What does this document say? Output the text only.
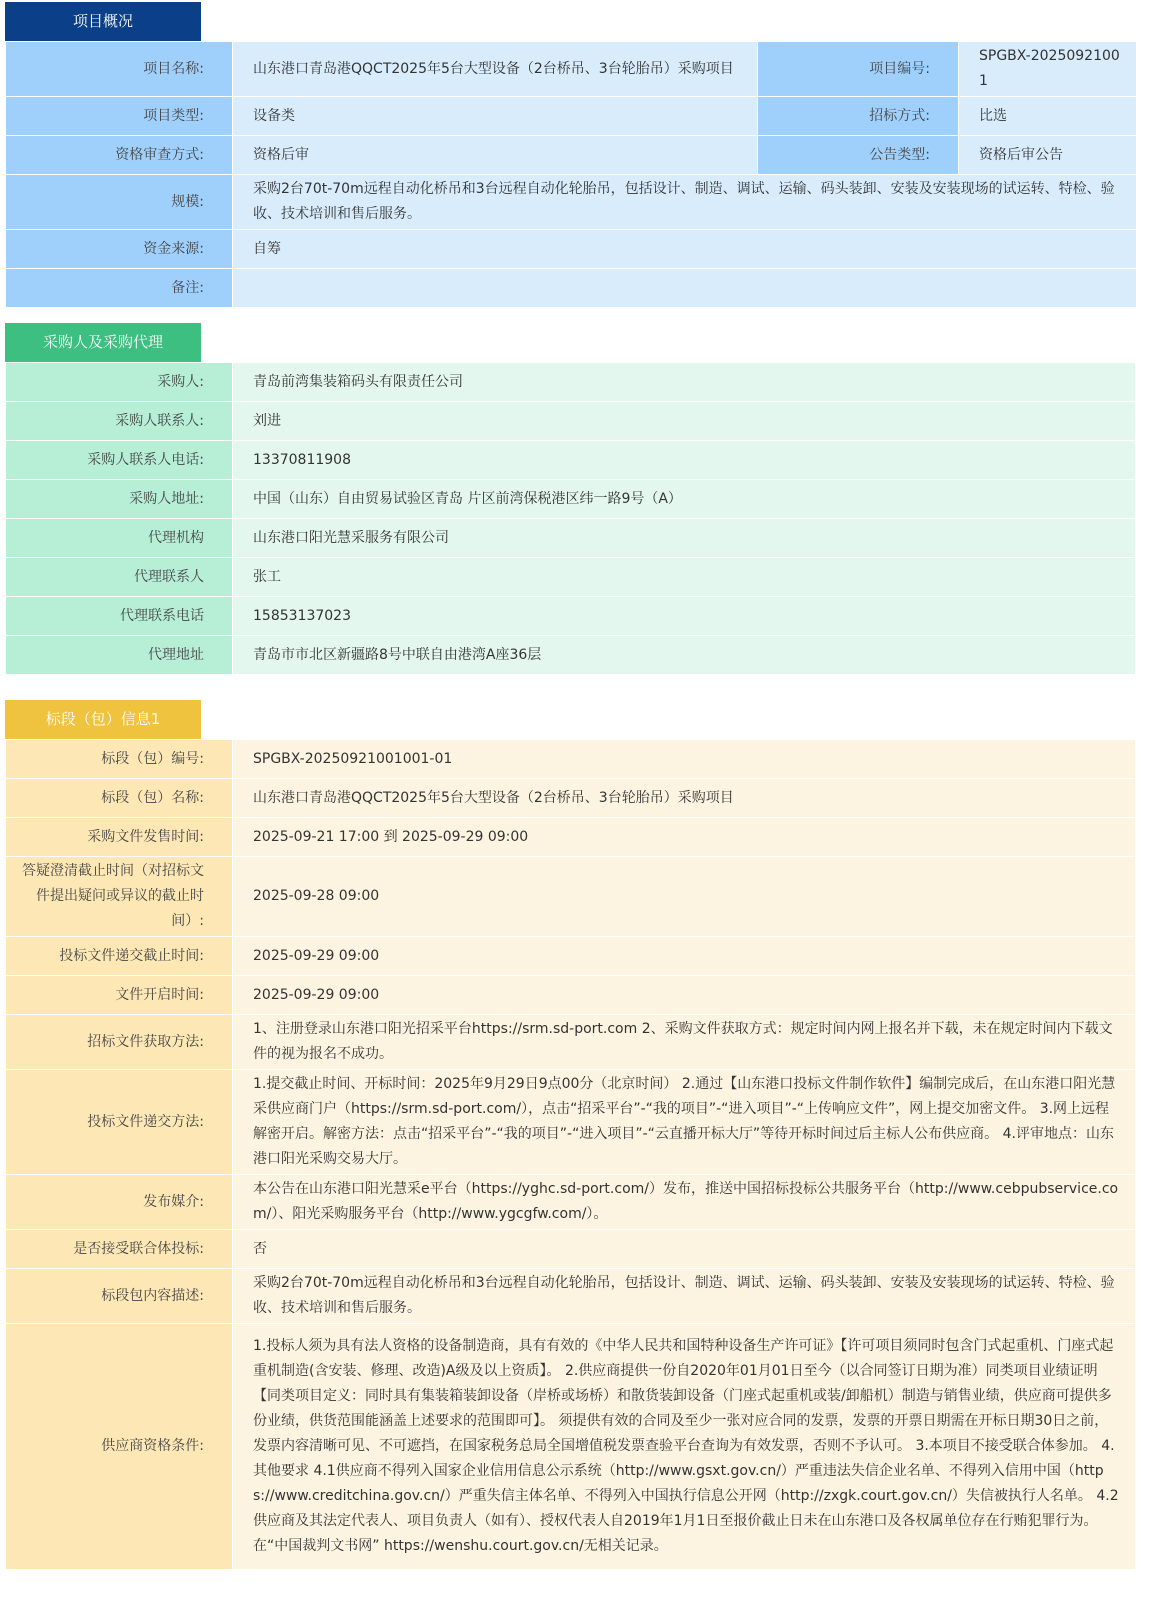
项目概况
项目名称:	山东港口青岛港QQCT2025年5台大型设备（2台桥吊、3台轮胎吊）采购项目	项目编号:	SPGBX-20250921001
项目类型:	设备类	招标方式:	比选
资格审查方式:	资格后审	公告类型:	资格后审公告
规模:	采购2台70t-70m远程自动化桥吊和3台远程自动化轮胎吊，包括设计、制造、调试、运输、码头装卸、安装及安装现场的试运转、特检、验收、技术培训和售后服务。		
资金来源:	自筹		
备注:			
采购人及采购代理
采购人:	青岛前湾集装箱码头有限责任公司
采购人联系人:	刘进
采购人联系人电话:	13370811908
采购人地址:	中国（山东）自由贸易试验区青岛 片区前湾保税港区纬一路9号（A）
代理机构	山东港口阳光慧采服务有限公司
代理联系人	张工
代理联系电话	15853137023
代理地址	青岛市市北区新疆路8号中联自由港湾A座36层
标段（包）信息1
标段（包）编号:	SPGBX-20250921001001-01
标段（包）名称:	山东港口青岛港QQCT2025年5台大型设备（2台桥吊、3台轮胎吊）采购项目
采购文件发售时间:	2025-09-21 17:00 到 2025-09-29 09:00
答疑澄清截止时间（对招标文件提出疑问或异议的截止时间）:	2025-09-28 09:00
投标文件递交截止时间:	2025-09-29 09:00
文件开启时间:	2025-09-29 09:00
招标文件获取方法:	1、注册登录山东港口阳光招采平台https://srm.sd-port.com 2、采购文件获取方式：规定时间内网上报名并下载，未在规定时间内下载文件的视为报名不成功。
投标文件递交方法:	1.提交截止时间、开标时间：2025年9月29日9点00分（北京时间） 2.通过【山东港口投标文件制作软件】编制完成后，在山东港口阳光慧采供应商门户（https://srm.sd-port.com/），点击“招采平台”-“我的项目”-“进入项目”-“上传响应文件”，网上提交加密文件。 3.网上远程解密开启。解密方法：点击“招采平台”-“我的项目”-“进入项目”-“云直播开标大厅”等待开标时间过后主标人公布供应商。 4.评审地点：山东港口阳光采购交易大厅。
发布媒介:	本公告在山东港口阳光慧采e平台（https://yghc.sd-port.com/）发布，推送中国招标投标公共服务平台（http://www.cebpubservice.com/）、阳光采购服务平台（http://www.ygcgfw.com/）。
是否接受联合体投标:	否
标段包内容描述:	采购2台70t-70m远程自动化桥吊和3台远程自动化轮胎吊，包括设计、制造、调试、运输、码头装卸、安装及安装现场的试运转、特检、验收、技术培训和售后服务。
供应商资格条件:	1.投标人须为具有法人资格的设备制造商，具有有效的《中华人民共和国特种设备生产许可证》【许可项目须同时包含门式起重机、门座式起重机制造(含安装、修理、改造)A级及以上资质】。 2.供应商提供一份自2020年01月01日至今（以合同签订日期为准）同类项目业绩证明【同类项目定义：同时具有集装箱装卸设备（岸桥或场桥）和散货装卸设备（门座式起重机或装/卸船机）制造与销售业绩，供应商可提供多份业绩，供货范围能涵盖上述要求的范围即可】。 须提供有效的合同及至少一张对应合同的发票，发票的开票日期需在开标日期30日之前，发票内容清晰可见、不可遮挡，在国家税务总局全国增值税发票查验平台查询为有效发票，否则不予认可。 3.本项目不接受联合体参加。 4.其他要求 4.1供应商不得列入国家企业信用信息公示系统（http://www.gsxt.gov.cn/）严重违法失信企业名单、不得列入信用中国（https://www.creditchina.gov.cn/）严重失信主体名单、不得列入中国执行信息公开网（http://zxgk.court.gov.cn/）失信被执行人名单。 4.2供应商及其法定代表人、项目负责人（如有）、授权代表人自2019年1月1日至报价截止日未在山东港口及各权属单位存在行贿犯罪行为。在“中国裁判文书网” https://wenshu.court.gov.cn/无相关记录。
